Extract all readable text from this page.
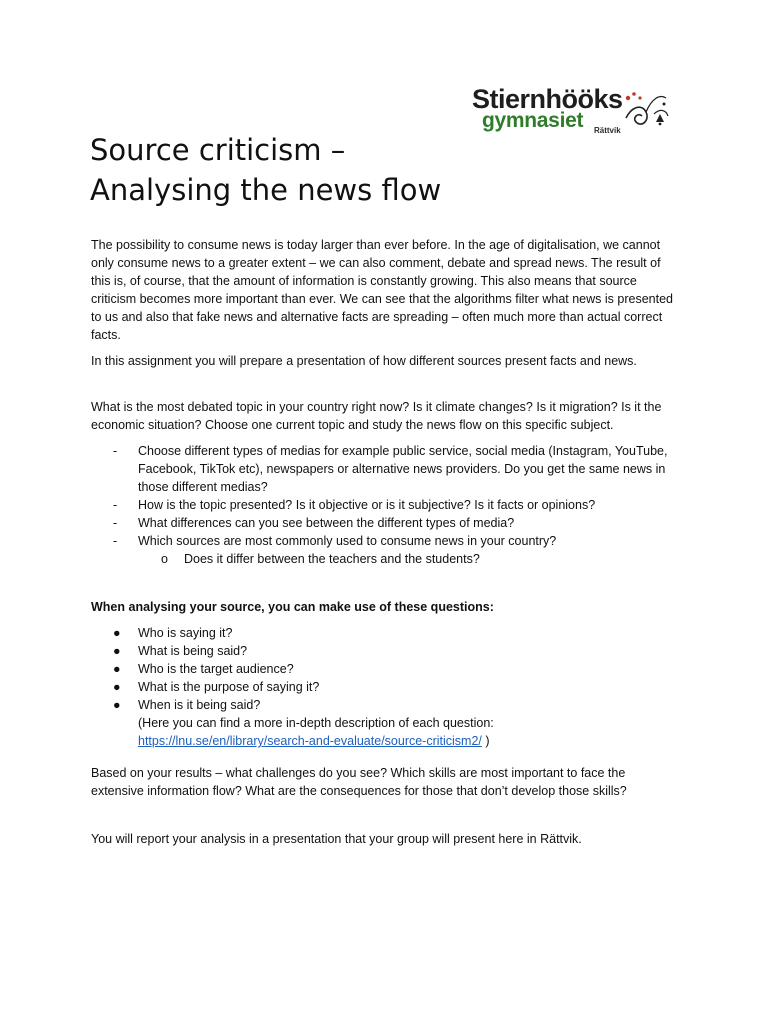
Stiernhööks
gymnasiet Rättvik
Source criticism –
Analysing the news flow

The possibility to consume news is today larger than ever before. In the age of digitalisation, we cannot only consume news to a greater extent – we can also comment, debate and spread news. The result of this is, of course, that the amount of information is constantly growing. This also means that source criticism becomes more important than ever. We can see that the algorithms filter what news is presented to us and also that fake news and alternative facts are spreading – often much more than actual correct facts.

In this assignment you will prepare a presentation of how different sources present facts and news.

What is the most debated topic in your country right now? Is it climate changes? Is it migration? Is it the economic situation? Choose one current topic and study the news flow on this specific subject.

- Choose different types of medias for example public service, social media (Instagram, YouTube, Facebook, TikTok etc), newspapers or alternative news providers. Do you get the same news in those different medias?
- How is the topic presented? Is it objective or is it subjective? Is it facts or opinions?
- What differences can you see between the different types of media?
- Which sources are most commonly used to consume news in your country?
o Does it differ between the teachers and the students?

When analysing your source, you can make use of these questions:

● Who is saying it?
● What is being said?
● Who is the target audience?
● What is the purpose of saying it?
● When is it being said?
(Here you can find a more in-depth description of each question:
https://lnu.se/en/library/search-and-evaluate/source-criticism2/ )

Based on your results – what challenges do you see? Which skills are most important to face the extensive information flow? What are the consequences for those that don’t develop those skills?

You will report your analysis in a presentation that your group will present here in Rättvik.
